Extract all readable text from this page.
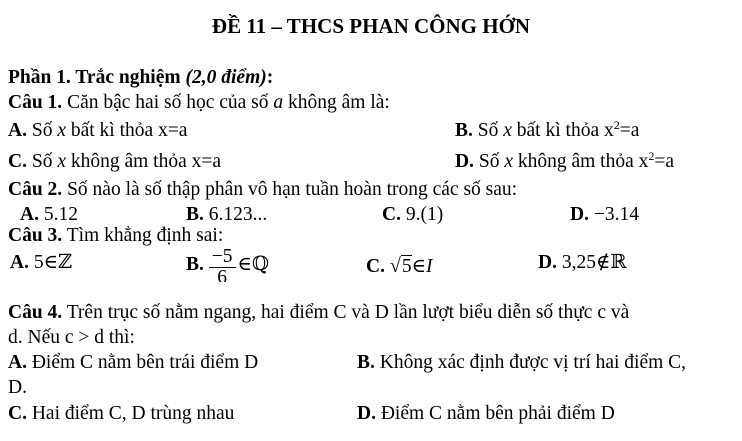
ĐỀ 11 – THCS PHAN CÔNG HỚN
Phần 1. Trắc nghiệm (2,0 điểm):
Câu 1. Căn bậc hai số học của số a không âm là:
A. Số x bất kì thỏa x=a	B. Số x bất kì thỏa $x^2=a$
C. Số x không âm thỏa x=a	D. Số x không âm thỏa $x^2=a$
Câu 2. Số nào là số thập phân vô hạn tuần hoàn trong các số sau:
A. 5.12	B. 6.123...	C. 9.(1)	D. −3.14
Câu 3. Tìm khẳng định sai:
A. 5∈ℤ	B. $\frac{-5}{6}$ ∈ℚ	C. √5∈I	D. 3,25∉ℝ
Câu 4. Trên trục số nằm ngang, hai điểm C và D lần lượt biểu diễn số thực c và
d. Nếu c > d thì:
A. Điểm C nằm bên trái điểm D	B. Không xác định được vị trí hai điểm C,
D.
C. Hai điểm C, D trùng nhau	D. Điểm C nằm bên phải điểm D
